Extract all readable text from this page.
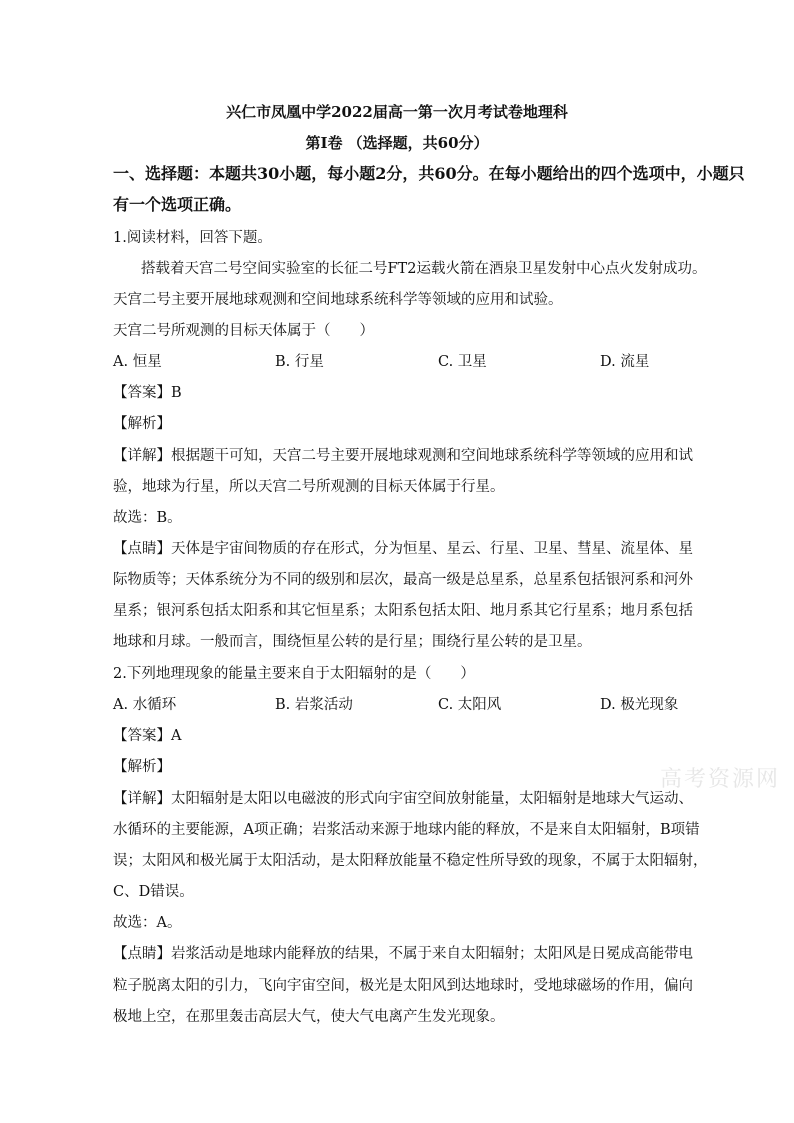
兴仁市凤凰中学2022届高一第一次月考试卷地理科
第Ⅰ卷 （选择题，共60分）
一、选择题：本题共30小题，每小题2分，共60分。在每小题给出的四个选项中，小题只
有一个选项正确。
1.阅读材料，回答下题。
搭载着天宫二号空间实验室的长征二号FT2运载火箭在酒泉卫星发射中心点火发射成功。
天宫二号主要开展地球观测和空间地球系统科学等领域的应用和试验。
天宫二号所观测的目标天体属于（　　）
A. 恒星	B. 行星	C. 卫星	D. 流星
【答案】B
【解析】
【详解】根据题干可知，天宫二号主要开展地球观测和空间地球系统科学等领域的应用和试
验，地球为行星，所以天宫二号所观测的目标天体属于行星。
故选：B。
【点睛】天体是宇宙间物质的存在形式，分为恒星、星云、行星、卫星、彗星、流星体、星
际物质等；天体系统分为不同的级别和层次，最高一级是总星系，总星系包括银河系和河外
星系；银河系包括太阳系和其它恒星系；太阳系包括太阳、地月系其它行星系；地月系包括
地球和月球。一般而言，围绕恒星公转的是行星；围绕行星公转的是卫星。
2.下列地理现象的能量主要来自于太阳辐射的是（　　）
A. 水循环	B. 岩浆活动	C. 太阳风	D. 极光现象
【答案】A
【解析】
【详解】太阳辐射是太阳以电磁波的形式向宇宙空间放射能量，太阳辐射是地球大气运动、
水循环的主要能源，A项正确；岩浆活动来源于地球内能的释放，不是来自太阳辐射，B项错
误；太阳风和极光属于太阳活动，是太阳释放能量不稳定性所导致的现象，不属于太阳辐射，
C、D错误。
故选：A。
【点睛】岩浆活动是地球内能释放的结果，不属于来自太阳辐射；太阳风是日冕成高能带电
粒子脱离太阳的引力，飞向宇宙空间，极光是太阳风到达地球时，受地球磁场的作用，偏向
极地上空，在那里轰击高层大气，使大气电离产生发光现象。
高考资源网
